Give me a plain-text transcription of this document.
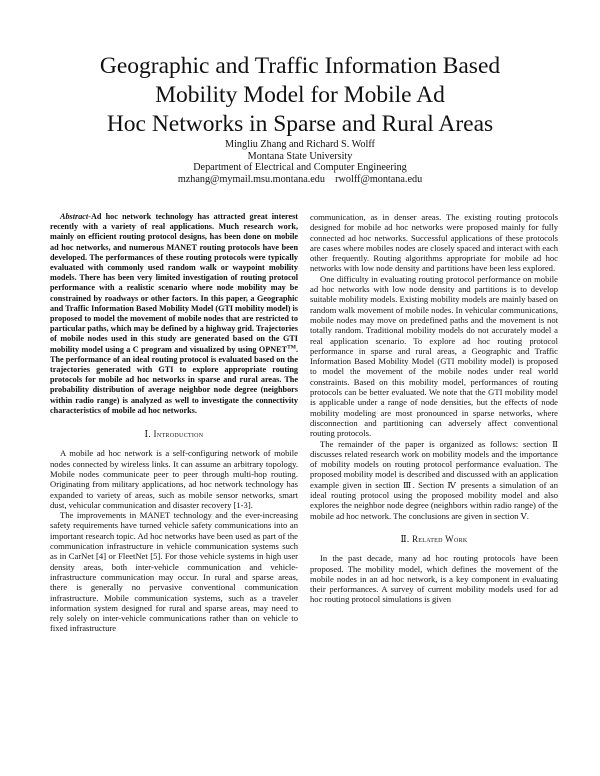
Geographic and Traffic Information Based
Mobility Model for Mobile Ad
Hoc Networks in Sparse and Rural Areas
Mingliu Zhang and Richard S. Wolff
Montana State University
Department of Electrical and Computer Engineering
mzhang@mymail.msu.montana.edu    rwolff@montana.edu

Abstract-Ad hoc network technology has attracted great interest recently with a variety of real applications. Much research work, mainly on efficient routing protocol designs, has been done on mobile ad hoc networks, and numerous MANET routing protocols have been developed. The performances of these routing protocols were typically evaluated with commonly used random walk or waypoint mobility models. There has been very limited investigation of routing protocol performance with a realistic scenario where node mobility may be constrained by roadways or other factors. In this paper, a Geographic and Traffic Information Based Mobility Model (GTI mobility model) is proposed to model the movement of mobile nodes that are restricted to particular paths, which may be defined by a highway grid. Trajectories of mobile nodes used in this study are generated based on the GTI mobility model using a C program and visualized by using OPNET™. The performance of an ideal routing protocol is evaluated based on the trajectories generated with GTI to explore appropriate routing protocols for mobile ad hoc networks in sparse and rural areas. The probability distribution of average neighbor node degree (neighbors within radio range) is analyzed as well to investigate the connectivity characteristics of mobile ad hoc networks.

Ⅰ. Introduction

A mobile ad hoc network is a self-configuring network of mobile nodes connected by wireless links. It can assume an arbitrary topology. Mobile nodes communicate peer to peer through multi-hop routing. Originating from military applications, ad hoc network technology has expanded to variety of areas, such as mobile sensor networks, smart dust, vehicular communication and disaster recovery [1-3].

The improvements in MANET technology and the ever-increasing safety requirements have turned vehicle safety communications into an important research topic. Ad hoc networks have been used as part of the communication infrastructure in vehicle communication systems such as in CarNet [4] or FleetNet [5]. For those vehicle systems in high user density areas, both inter-vehicle communication and vehicle-infrastructure communication may occur. In rural and sparse areas, there is generally no pervasive conventional communication infrastructure. Mobile communication systems, such as a traveler information system designed for rural and sparse areas, may need to rely solely on inter-vehicle communications rather than on vehicle to fixed infrastructure

communication, as in denser areas. The existing routing protocols designed for mobile ad hoc networks were proposed mainly for fully connected ad hoc networks. Successful applications of these protocols are cases where mobiles nodes are closely spaced and interact with each other frequently. Routing algorithms appropriate for mobile ad hoc networks with low node density and partitions have been less explored.

One difficulty in evaluating routing protocol performance on mobile ad hoc networks with low node density and partitions is to develop suitable mobility models. Existing mobility models are mainly based on random walk movement of mobile nodes. In vehicular communications, mobile nodes may move on predefined paths and the movement is not totally random. Traditional mobility models do not accurately model a real application scenario. To explore ad hoc routing protocol performance in sparse and rural areas, a Geographic and Traffic Information Based Mobility Model (GTI mobility model) is proposed to model the movement of the mobile nodes under real world constraints. Based on this mobility model, performances of routing protocols can be better evaluated. We note that the GTI mobility model is applicable under a range of node densities, but the effects of node mobility modeling are most pronounced in sparse networks, where disconnection and partitioning can adversely affect conventional routing protocols.

The remainder of the paper is organized as follows: section Ⅱ discusses related research work on mobility models and the importance of mobility models on routing protocol performance evaluation. The proposed mobility model is described and discussed with an application example given in section Ⅲ. Section Ⅳ presents a simulation of an ideal routing protocol using the proposed mobility model and also explores the neighbor node degree (neighbors within radio range) of the mobile ad hoc network. The conclusions are given in section Ⅴ.

Ⅱ. Related Work

In the past decade, many ad hoc routing protocols have been proposed. The mobility model, which defines the movement of the mobile nodes in an ad hoc network, is a key component in evaluating their performances. A survey of current mobility models used for ad hoc routing protocol simulations is given
